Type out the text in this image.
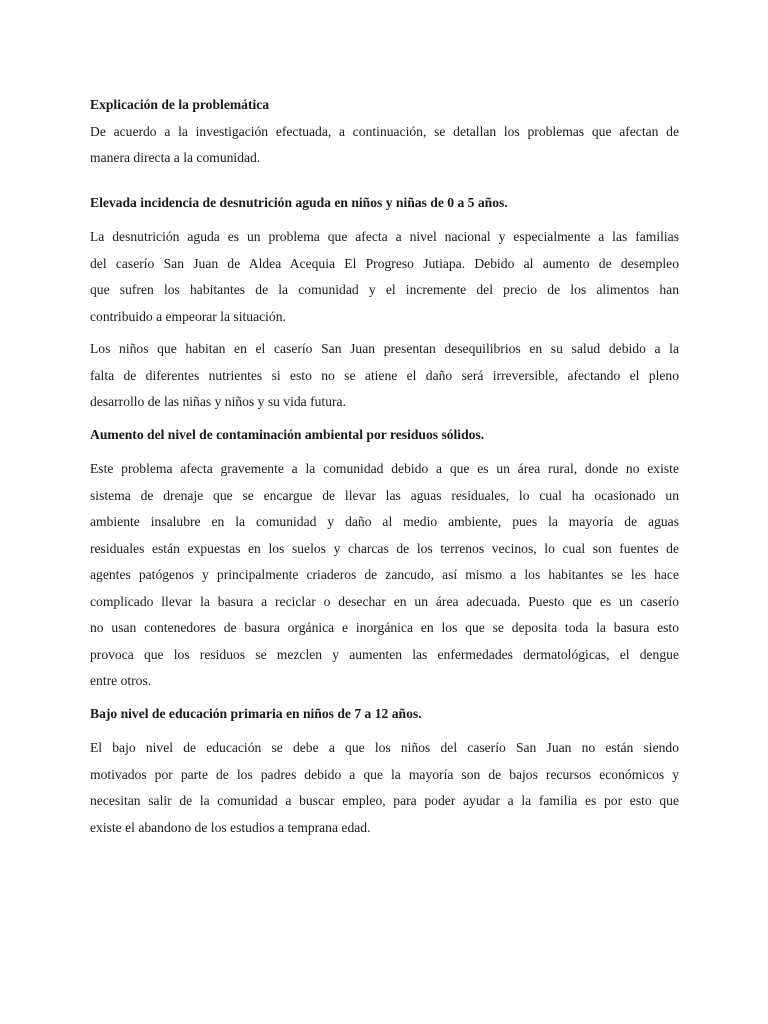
Explicación de la problemática

De acuerdo a la investigación efectuada, a continuación, se detallan los problemas que afectan de

manera directa a la comunidad.

Elevada incidencia de desnutrición aguda en niños y niñas de 0 a 5 años.

La desnutrición aguda es un problema que afecta a nivel nacional y especialmente a las familias

del caserío San Juan de Aldea Acequia El Progreso Jutiapa. Debido al aumento de desempleo

que sufren los habitantes de la comunidad y el incremente del precio de los alimentos han

contribuido a empeorar la situación.

Los niños que habitan en el caserío San Juan presentan desequilibrios en su salud debido a la

falta de diferentes nutrientes si esto no se atiene el daño será irreversible, afectando el pleno

desarrollo de las niñas y niños y su vida futura.

Aumento del nivel de contaminación ambiental por residuos sólidos.

Este problema afecta gravemente a la comunidad debido a que es un área rural, donde no existe

sistema de drenaje que se encargue de llevar las aguas residuales, lo cual ha ocasionado un

ambiente insalubre en la comunidad y daño al medio ambiente, pues la mayoría de aguas

residuales están expuestas en los suelos y charcas de los terrenos vecinos, lo cual son fuentes de

agentes patógenos y principalmente criaderos de zancudo, así mismo a los habitantes se les hace

complicado llevar la basura a reciclar o desechar en un área adecuada. Puesto que es un caserío

no usan contenedores de basura orgánica e inorgánica en los que se deposita toda la basura esto

provoca que los residuos se mezclen y aumenten las enfermedades dermatológicas, el dengue

entre otros.

Bajo nivel de educación primaria en niños de 7 a 12 años.

El bajo nivel de educación se debe a que los niños del caserío San Juan no están siendo

motivados por parte de los padres debido a que la mayoría son de bajos recursos económicos y

necesitan salir de la comunidad a buscar empleo, para poder ayudar a la familia es por esto que

existe el abandono de los estudios a temprana edad.
